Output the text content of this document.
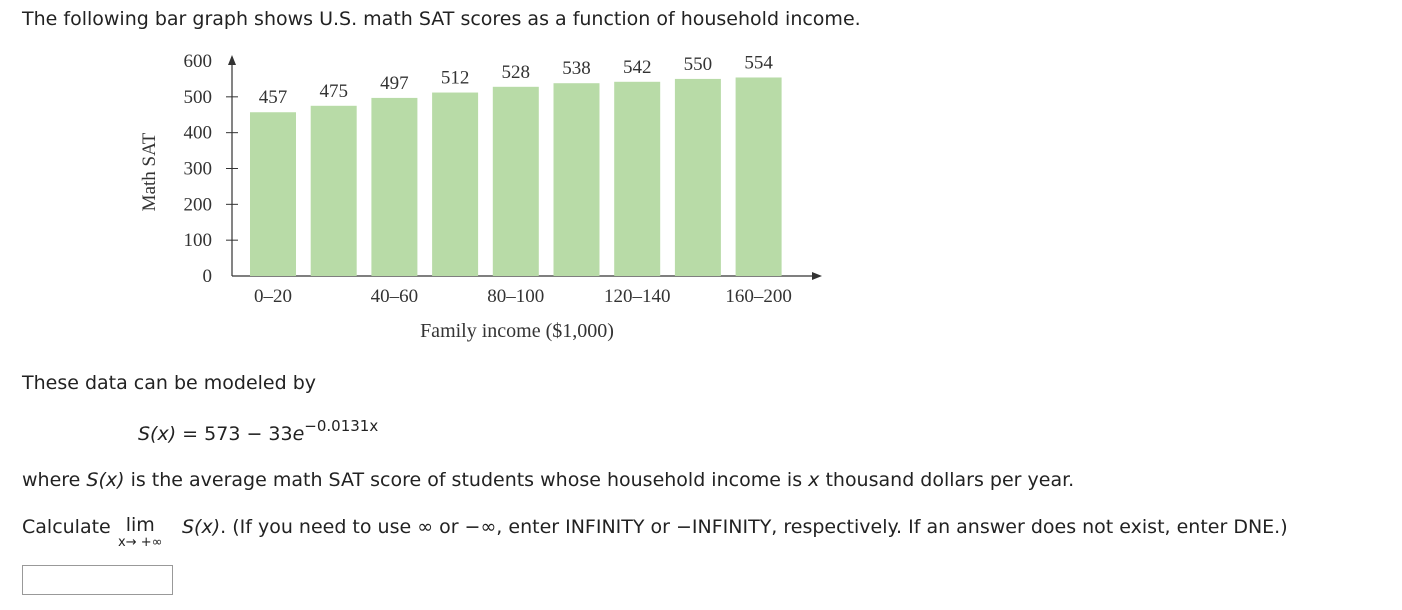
The following bar graph shows U.S. math SAT scores as a function of household income.
0
100
200
300
400
500
600
Math SAT
457 475 497 512 528 538 542 550 554
0–20	40–60	80–100	120–140	160–200
Family income ($1,000)
These data can be modeled by
$S(x) = 573 - 33e^{-0.0131x}$
where S(x) is the average math SAT score of students whose household income is x thousand dollars per year.
Calculate lim
x→ +∞
S(x). (If you need to use ∞ or −∞, enter INFINITY or −INFINITY, respectively. If an answer does not exist, enter DNE.)
